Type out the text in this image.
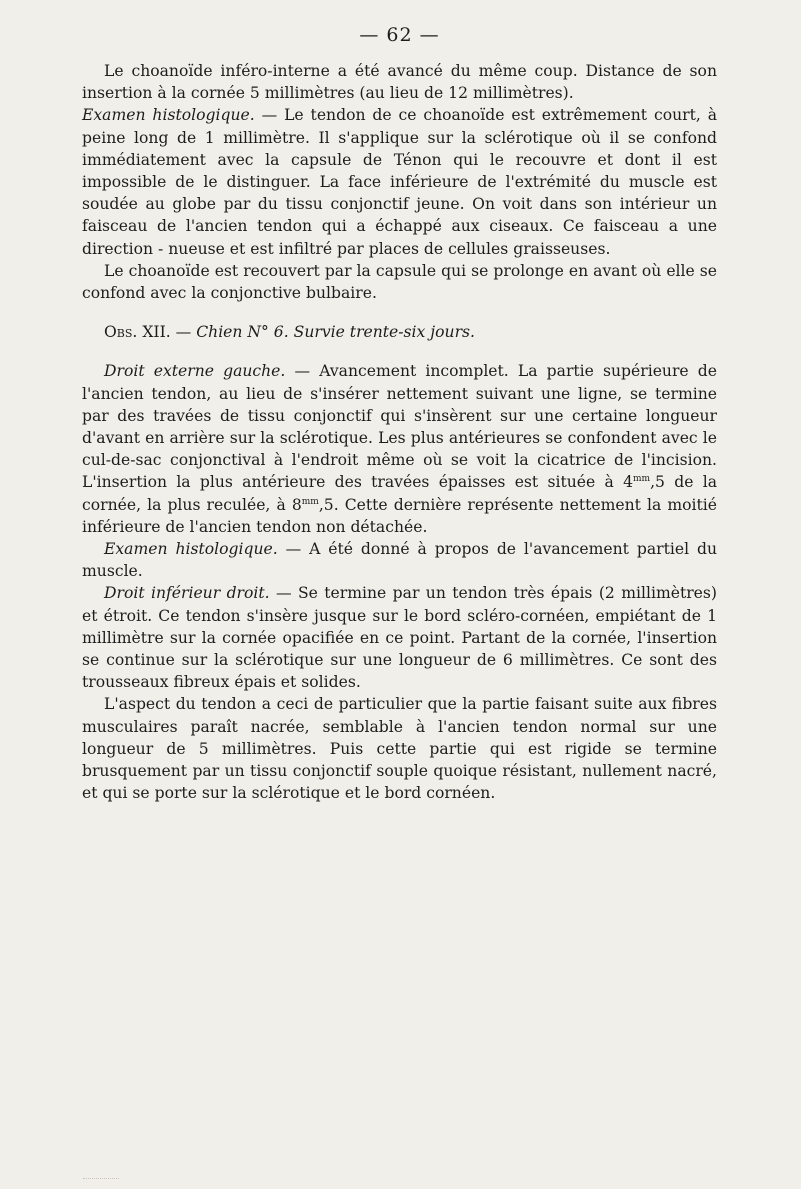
— 62 —

Le choanoïde inféro-interne a été avancé du même coup. Distance de son insertion à la cornée 5 millimètres (au lieu de 12 millimètres).

Examen histologique. — Le tendon de ce choanoïde est extrêmement court, à peine long de 1 millimètre. Il s'applique sur la sclérotique où il se confond immédiatement avec la capsule de Ténon qui le recouvre et dont il est impossible de le distinguer. La face inférieure de l'extrémité du muscle est soudée au globe par du tissu conjonctif jeune. On voit dans son intérieur un faisceau de l'ancien tendon qui a échappé aux ciseaux. Ce faisceau a une direction - nueuse et est infiltré par places de cellules graisseuses.

Le choanoïde est recouvert par la capsule qui se prolonge en avant où elle se confond avec la conjonctive bulbaire.

Obs. XII. — Chien N° 6. Survie trente-six jours.

Droit externe gauche. — Avancement incomplet. La partie supérieure de l'ancien tendon, au lieu de s'insérer nettement suivant une ligne, se termine par des travées de tissu conjonctif qui s'insèrent sur une certaine longueur d'avant en arrière sur la sclérotique. Les plus antérieures se confondent avec le cul-de-sac conjonctival à l'endroit même où se voit la cicatrice de l'incision. L'insertion la plus antérieure des travées épaisses est située à $4^{mm},5$ de la cornée, la plus reculée, à $8^{mm},5$. Cette dernière représente nettement la moitié inférieure de l'ancien tendon non détachée.

Examen histologique. — A été donné à propos de l'avancement partiel du muscle.

Droit inférieur droit. — Se termine par un tendon très épais (2 millimètres) et étroit. Ce tendon s'insère jusque sur le bord scléro-cornéen, empiétant de 1 millimètre sur la cornée opacifiée en ce point. Partant de la cornée, l'insertion se continue sur la sclérotique sur une longueur de 6 millimètres. Ce sont des trousseaux fibreux épais et solides.

L'aspect du tendon a ceci de particulier que la partie faisant suite aux fibres musculaires paraît nacrée, semblable à l'ancien tendon normal sur une longueur de 5 millimètres. Puis cette partie qui est rigide se termine brusquement par un tissu conjonctif souple quoique résistant, nullement nacré, et qui se porte sur la sclérotique et le bord cornéen.
